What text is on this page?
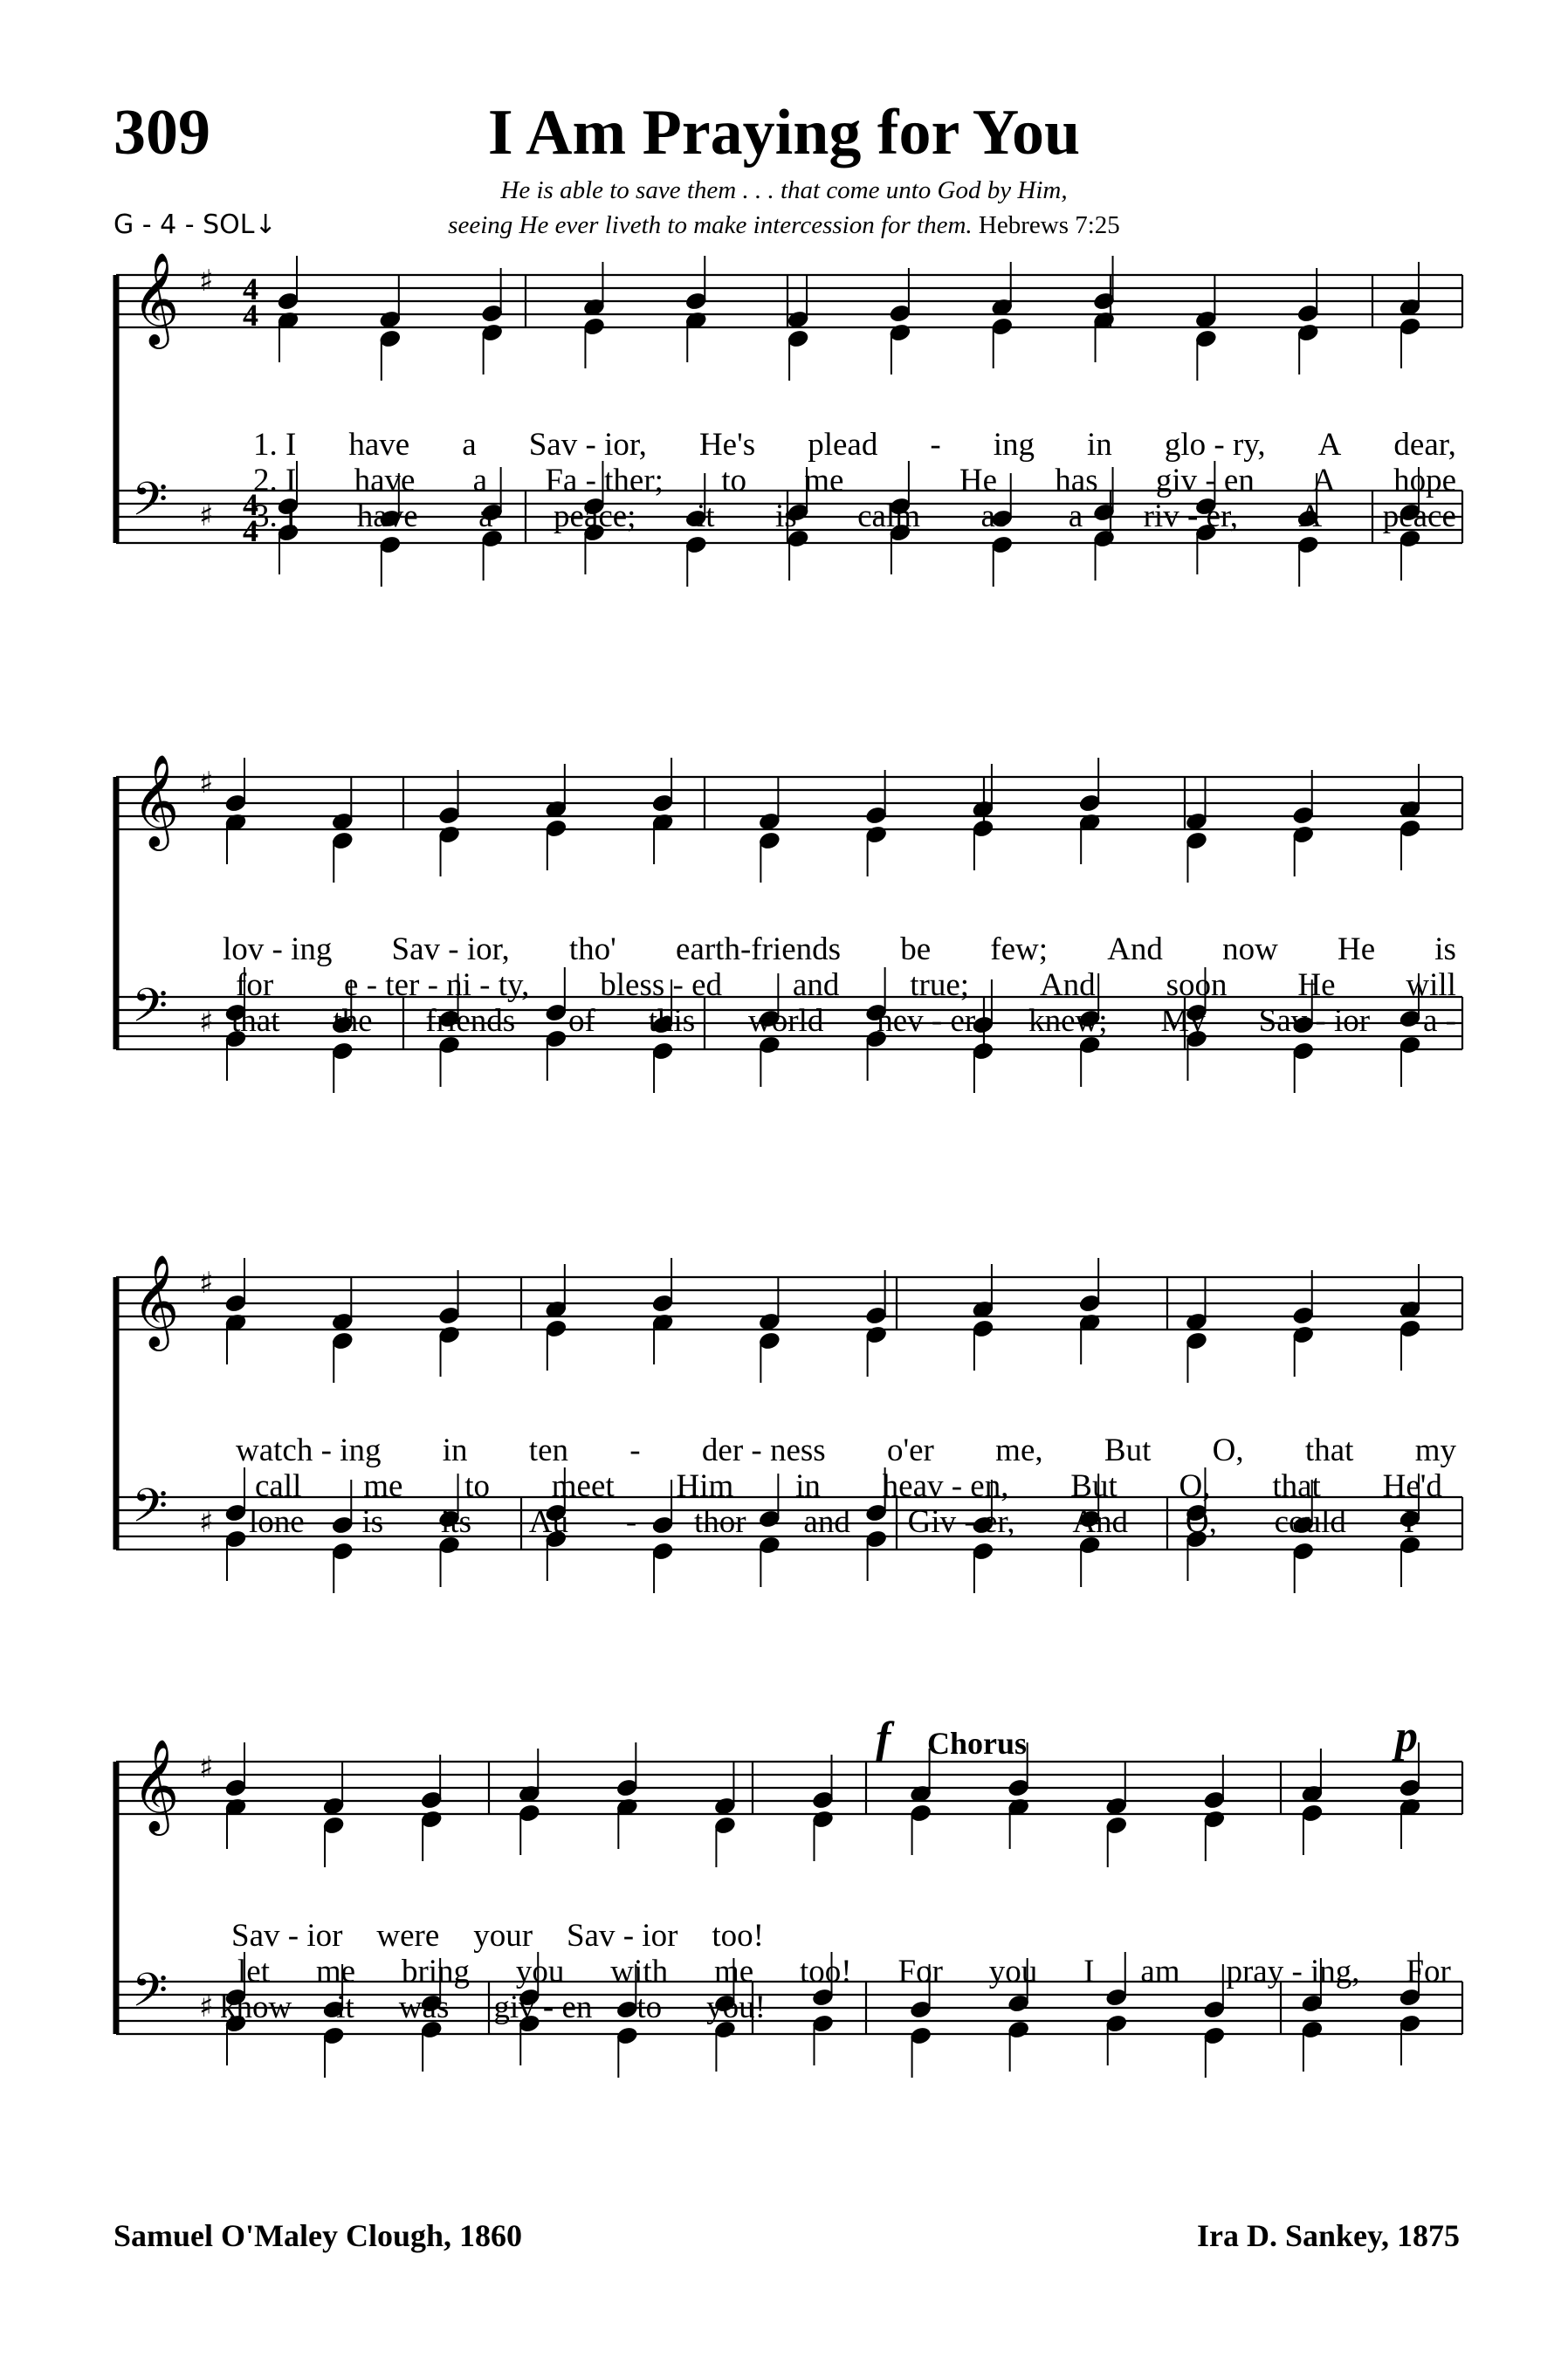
309	I Am Praying for You
G - 4 - SOL↓
He is able to save them . . . that come unto God by Him,
seeing He ever liveth to make intercession for them. Hebrews 7:25
𝄞 ♯ 4
4
𝄢 ♯ 4
4
𝄞 ♯
𝄢 ♯
𝄞 ♯
𝄢 ♯
𝄞 ♯
𝄢 ♯
f Chorus	p
1. I have a Sav - ior, He's plead - ing in glo - ry, A dear,
2. I have a Fa - ther; to me	He has giv - en A hope
3. I have a peace; it is calm as a riv - er, A peace
lov - ing Sav - ior, tho' earth-friends be few; And now He is
for e - ter - ni - ty, bless - ed and true; And soon He will
that the friends of this world nev - er knew; My Sav - ior a -
watch - ing in ten - der - ness o'er me, But O, that my
call me to meet Him in heav - en, But O, that He'd
lone is its Au - thor and Giv - er, And O, could I
Sav - ior were your Sav - ior too!
let me bring you with me too! For you I am pray - ing, For
know it was giv - en to you!
Samuel O'Maley Clough, 1860	Ira D. Sankey, 1875
